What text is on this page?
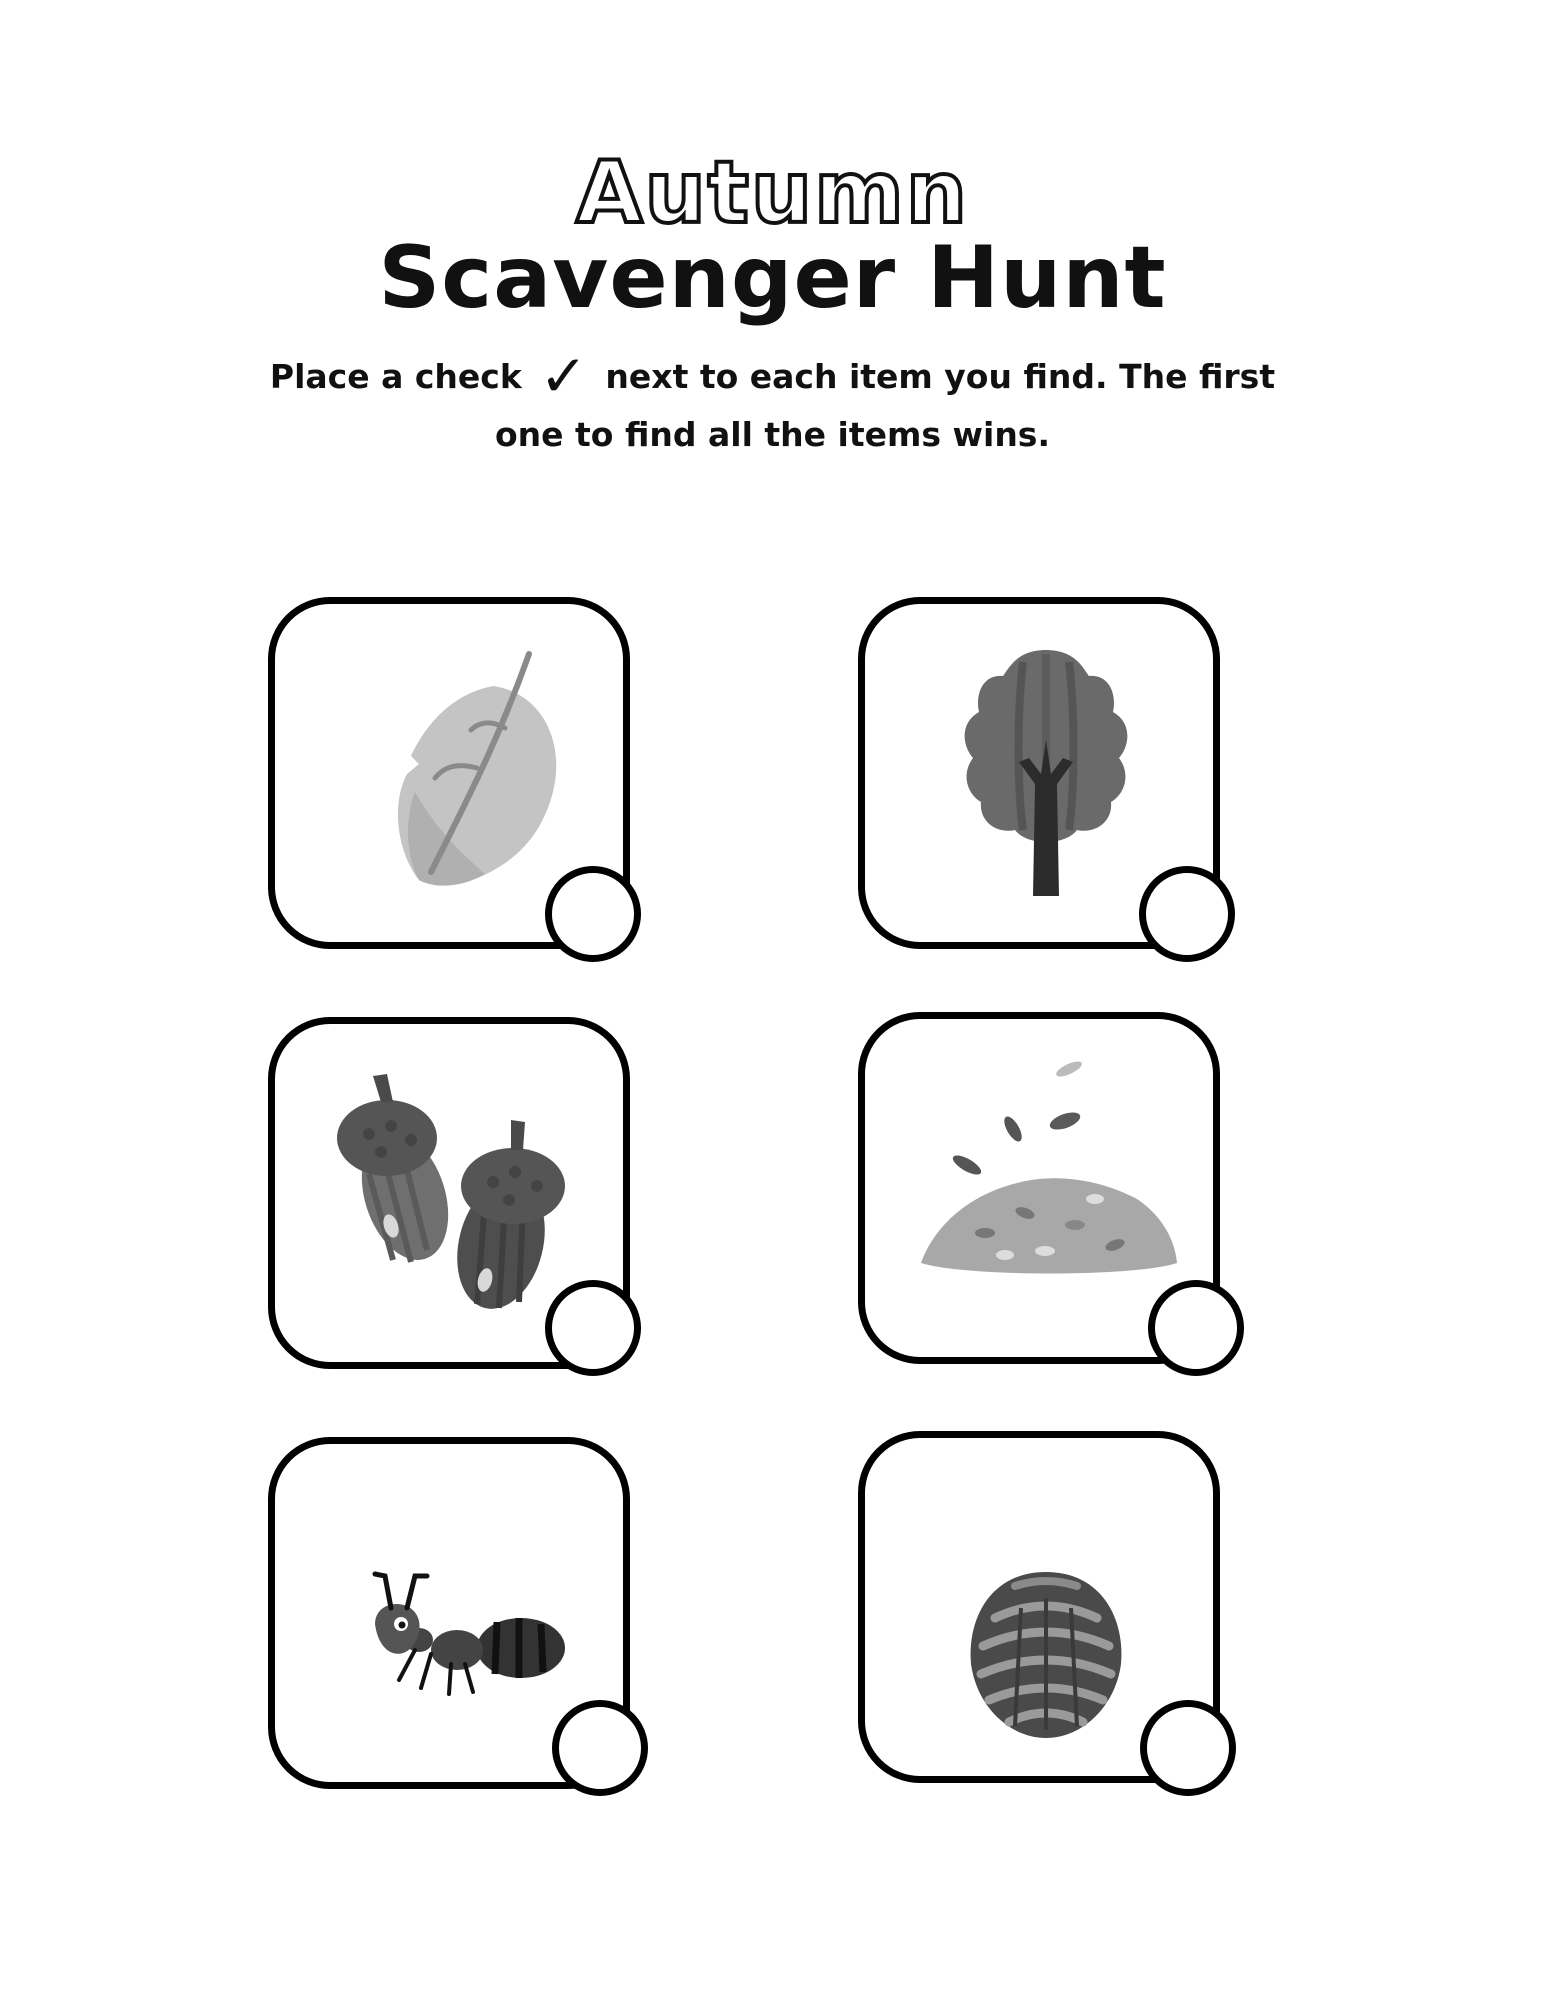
Autumn
Scavenger Hunt
Place a check ✓ next to each item you find. The first one to find all the items wins.
